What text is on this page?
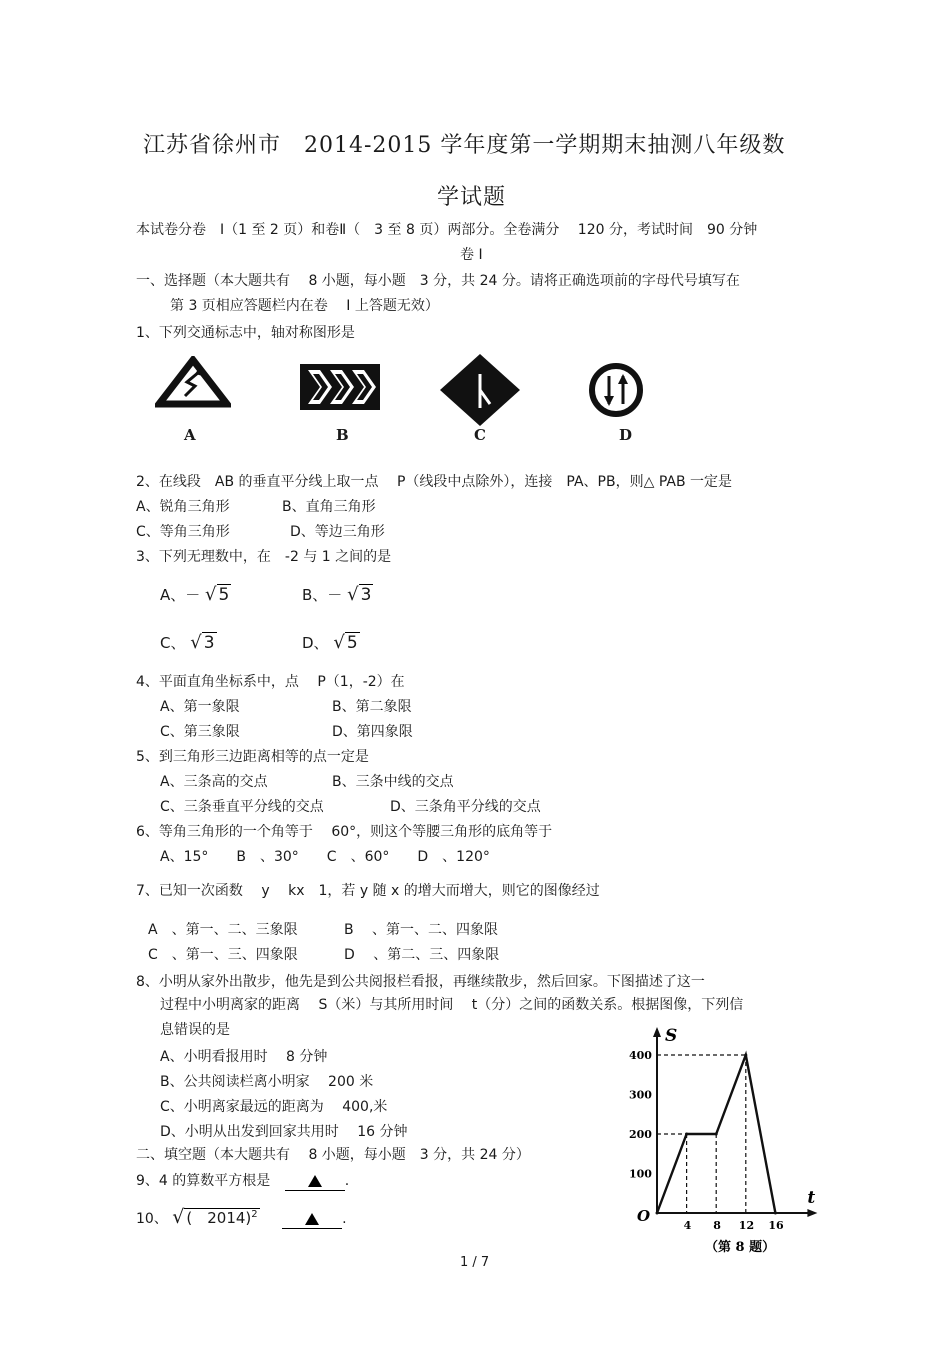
江苏省徐州市　2014-2015 学年度第一学期期末抽测八年级数
学试题
本试卷分卷　Ⅰ（1 至 2 页）和卷Ⅱ（　3 至 8 页）两部分。全卷满分　 120 分，考试时间　90 分钟
卷 Ⅰ
一、选择题（本大题共有　 8 小题，每小题　3 分，共 24 分。请将正确选项前的字母代号填写在
第 3 页相应答题栏内在卷　 Ⅰ 上答题无效）
1、下列交通标志中，轴对称图形是
A	B	C	D
2、在线段　AB 的垂直平分线上取一点　 P（线段中点除外），连接　PA、PB，则△ PAB 一定是
A、锐角三角形	B、直角三角形
C、等角三角形	D、等边三角形
3、下列无理数中，在　-2 与 1 之间的是
A、－ √ 5	B、－ √ 3
C、 √ 3	D、 √ 5
4、平面直角坐标系中，点　 P（1，-2）在
A、第一象限	B、第二象限
C、第三象限	D、第四象限
5、到三角形三边距离相等的点一定是
A、三条高的交点	B、三条中线的交点
C、三条垂直平分线的交点	D、三条角平分线的交点
6、等角三角形的一个角等于　 60°，则这个等腰三角形的底角等于
A、15°　　B　、30°　　C　、60°　　D　、120°
7、已知一次函数　 y　 kx　1，若 y 随 x 的增大而增大，则它的图像经过
A　、第一、二、三象限	B　 、第一、二、四象限
C　、第一、三、四象限	D　 、第二、三、四象限
8、小明从家外出散步，他先是到公共阅报栏看报，再继续散步，然后回家。下图描述了这一
过程中小明离家的距离　 S（米）与其所用时间　 t（分）之间的函数关系。根据图像，下列信
息错误的是
A、小明看报用时　 8 分钟
B、公共阅读栏离小明家　 200 米
C、小明离家最远的距离为　 400,米
D、小明从出发到回家共用时　 16 分钟
二、填空题（本大题共有　 8 小题，每小题　3 分，共 24 分）
9、4 的算数平方根是	.
10、 √ (　2014)$^2$	.
S
t
O
100
200
300
400
4 8 12 16
（第 8 题）
1 / 7
